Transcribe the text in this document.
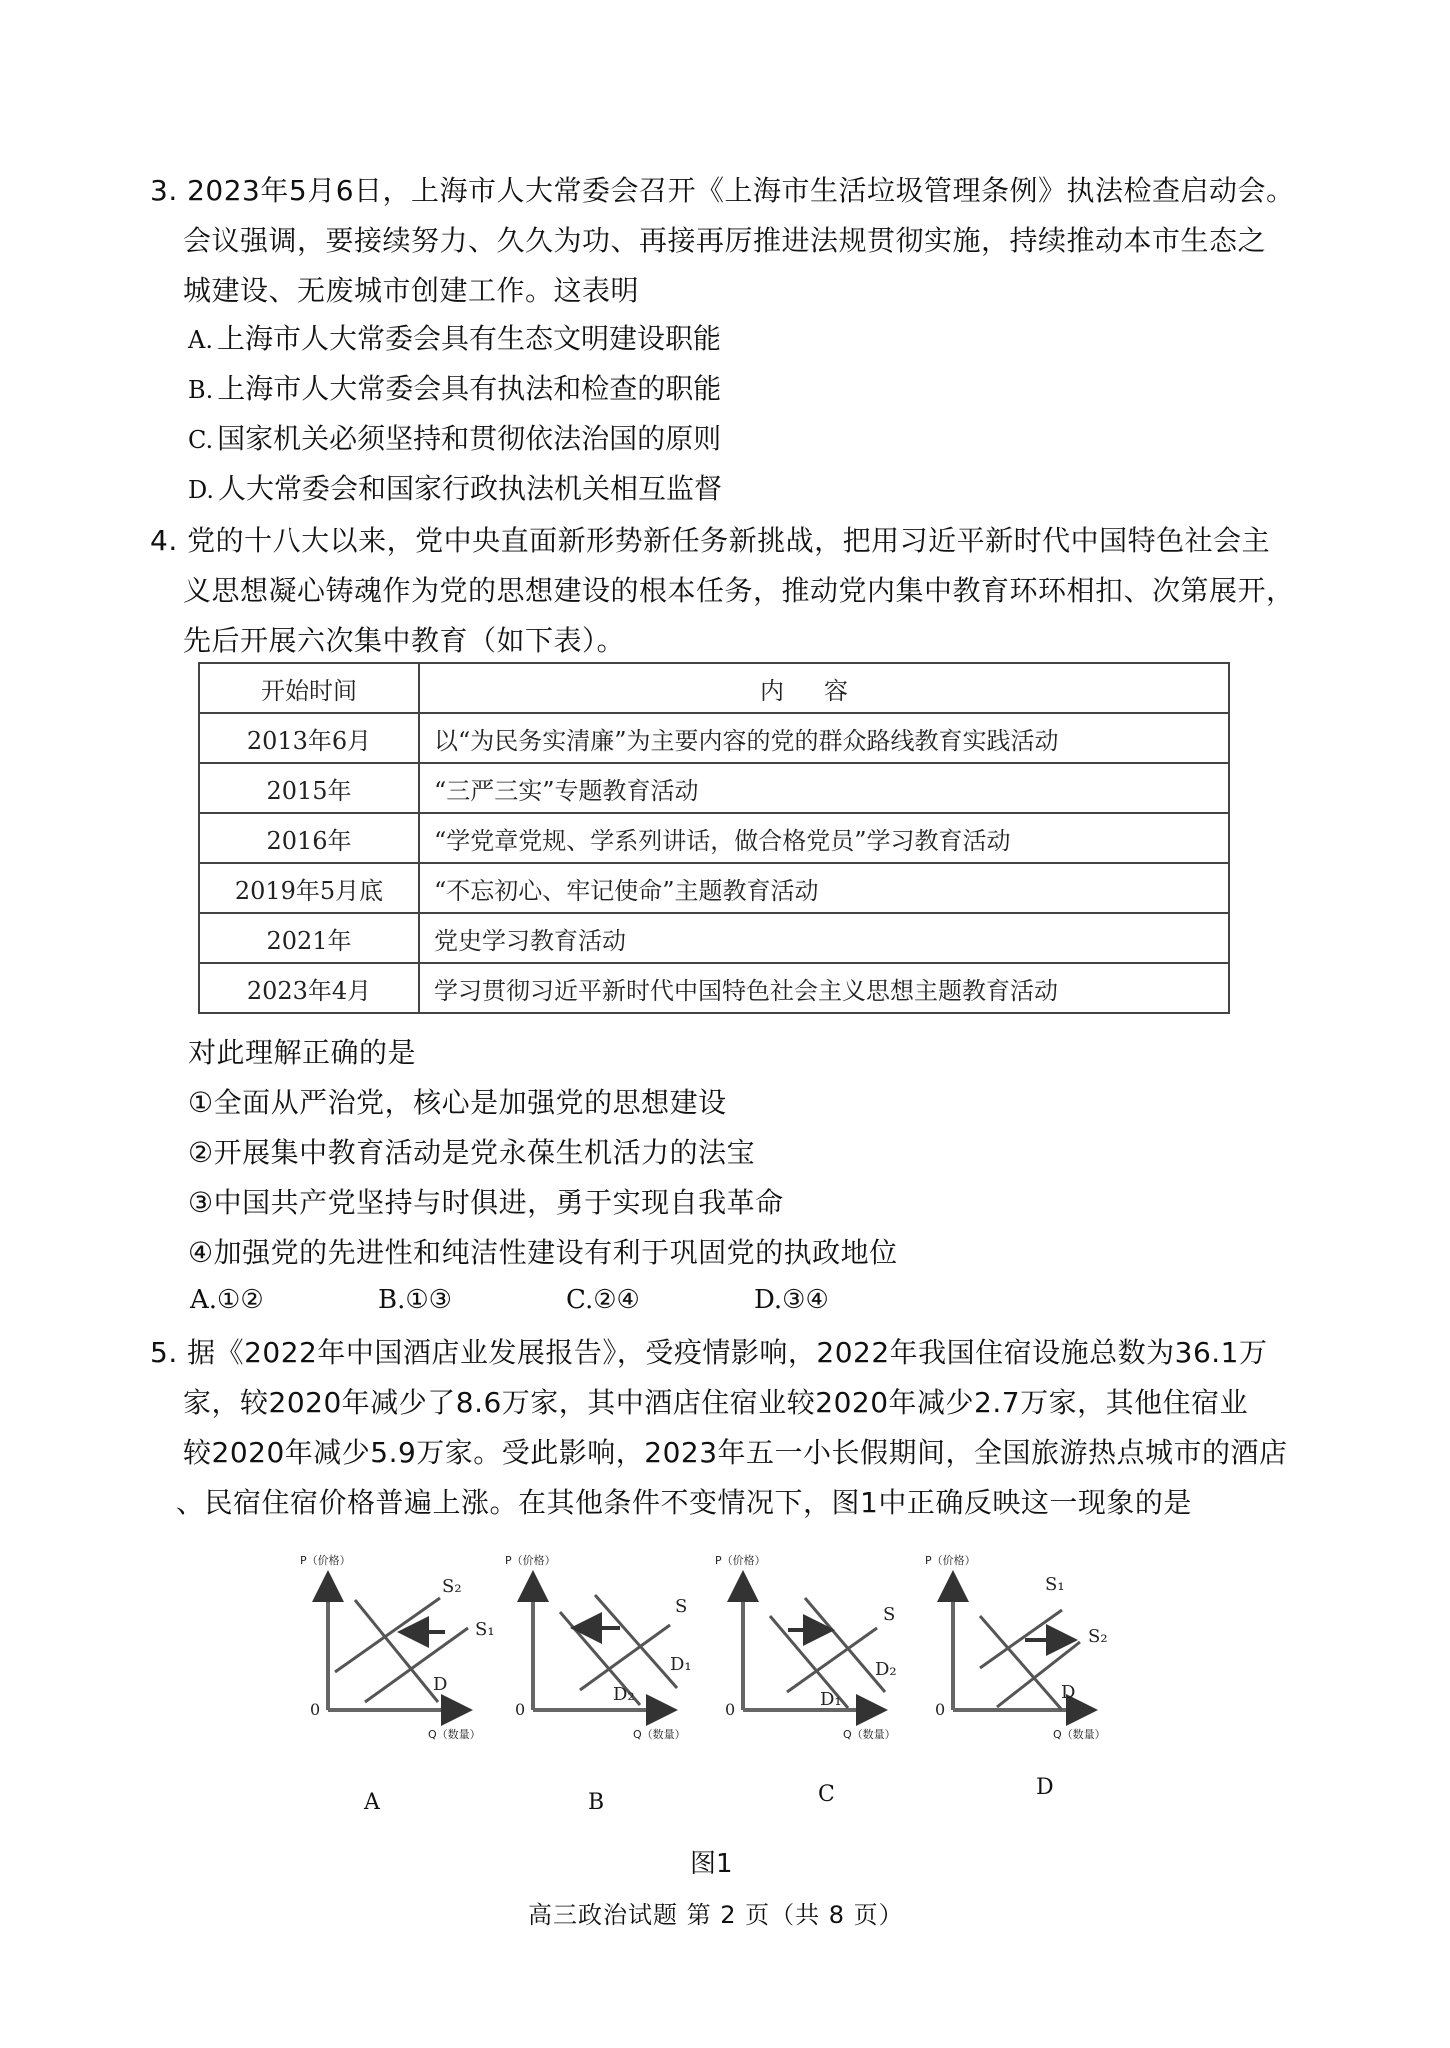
3. 2023年5月6日，上海市人大常委会召开《上海市生活垃圾管理条例》执法检查启动会。
会议强调，要接续努力、久久为功、再接再厉推进法规贯彻实施，持续推动本市生态之
城建设、无废城市创建工作。这表明
A. 上海市人大常委会具有生态文明建设职能
B. 上海市人大常委会具有执法和检查的职能
C. 国家机关必须坚持和贯彻依法治国的原则
D. 人大常委会和国家行政执法机关相互监督
4. 党的十八大以来，党中央直面新形势新任务新挑战，把用习近平新时代中国特色社会主
义思想凝心铸魂作为党的思想建设的根本任务，推动党内集中教育环环相扣、次第展开，
先后开展六次集中教育（如下表）。
开始时间	内容
2013年6月	以“为民务实清廉”为主要内容的党的群众路线教育实践活动
2015年	“三严三实”专题教育活动
2016年	“学党章党规、学系列讲话，做合格党员”学习教育活动
2019年5月底	“不忘初心、牢记使命”主题教育活动
2021年	党史学习教育活动
2023年4月	学习贯彻习近平新时代中国特色社会主义思想主题教育活动
对此理解正确的是
①全面从严治党，核心是加强党的思想建设
②开展集中教育活动是党永葆生机活力的法宝
③中国共产党坚持与时俱进，勇于实现自我革命
④加强党的先进性和纯洁性建设有利于巩固党的执政地位
A.①②	B.①③	C.②④	D.③④
5. 据《2022年中国酒店业发展报告》，受疫情影响，2022年我国住宿设施总数为36.1万
家，较2020年减少了8.6万家，其中酒店住宿业较2020年减少2.7万家，其他住宿业
较2020年减少5.9万家。受此影响，2023年五一小长假期间，全国旅游热点城市的酒店
、民宿住宿价格普遍上涨。在其他条件不变情况下，图1中正确反映这一现象的是
P（价格）
Q（数量）
0
S₂
S₁
D
A
P（价格）
Q（数量）
0
S
D₁
D₂
B
P（价格）
Q（数量）
0
S
D₁
D₂
C
P（价格）
Q（数量）
0
S₁
S₂
D
D
图1
高三政治试题 第 2 页（共 8 页）
